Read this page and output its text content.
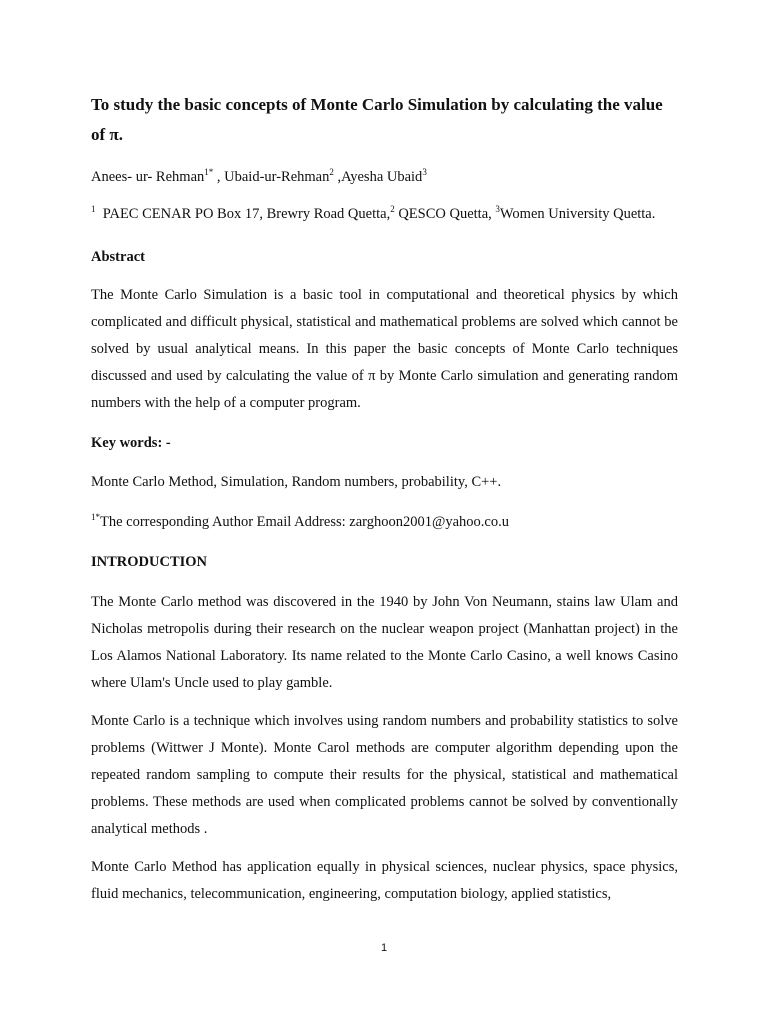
To study the basic concepts of Monte Carlo Simulation by calculating the value of π.

Anees- ur- Rehman$^{1*}$ , Ubaid-ur-Rehman$^2$ ,Ayesha Ubaid$^3$

$^1$  PAEC CENAR PO Box 17, Brewry Road Quetta,$^2$ QESCO Quetta, $^3$Women University Quetta.

Abstract

The Monte Carlo Simulation is a basic tool in computational and theoretical physics by which complicated and difficult physical, statistical and mathematical problems are solved which cannot be solved by usual analytical means. In this paper the basic concepts of Monte Carlo techniques discussed and used by calculating the value of π by Monte Carlo simulation and generating random numbers with the help of a computer program.

Key words: -

Monte Carlo Method, Simulation, Random numbers, probability, C++.

$^{1*}$The corresponding Author Email Address: zarghoon2001@yahoo.co.u

INTRODUCTION

The Monte Carlo method was discovered in the 1940 by John Von Neumann, stains law Ulam and Nicholas metropolis during their research on the nuclear weapon project (Manhattan project) in the Los Alamos National Laboratory. Its name related to the Monte Carlo Casino, a well knows Casino where Ulam's Uncle used to play gamble.

Monte Carlo is a technique which involves using random numbers and probability statistics to solve problems (Wittwer J Monte). Monte Carol methods are computer algorithm depending upon the repeated random sampling to compute their results for the physical, statistical and mathematical problems. These methods are used when complicated problems cannot be solved by conventionally analytical methods .

Monte Carlo Method has application equally in physical sciences, nuclear physics, space physics, fluid mechanics, telecommunication, engineering, computation biology, applied statistics,

1
